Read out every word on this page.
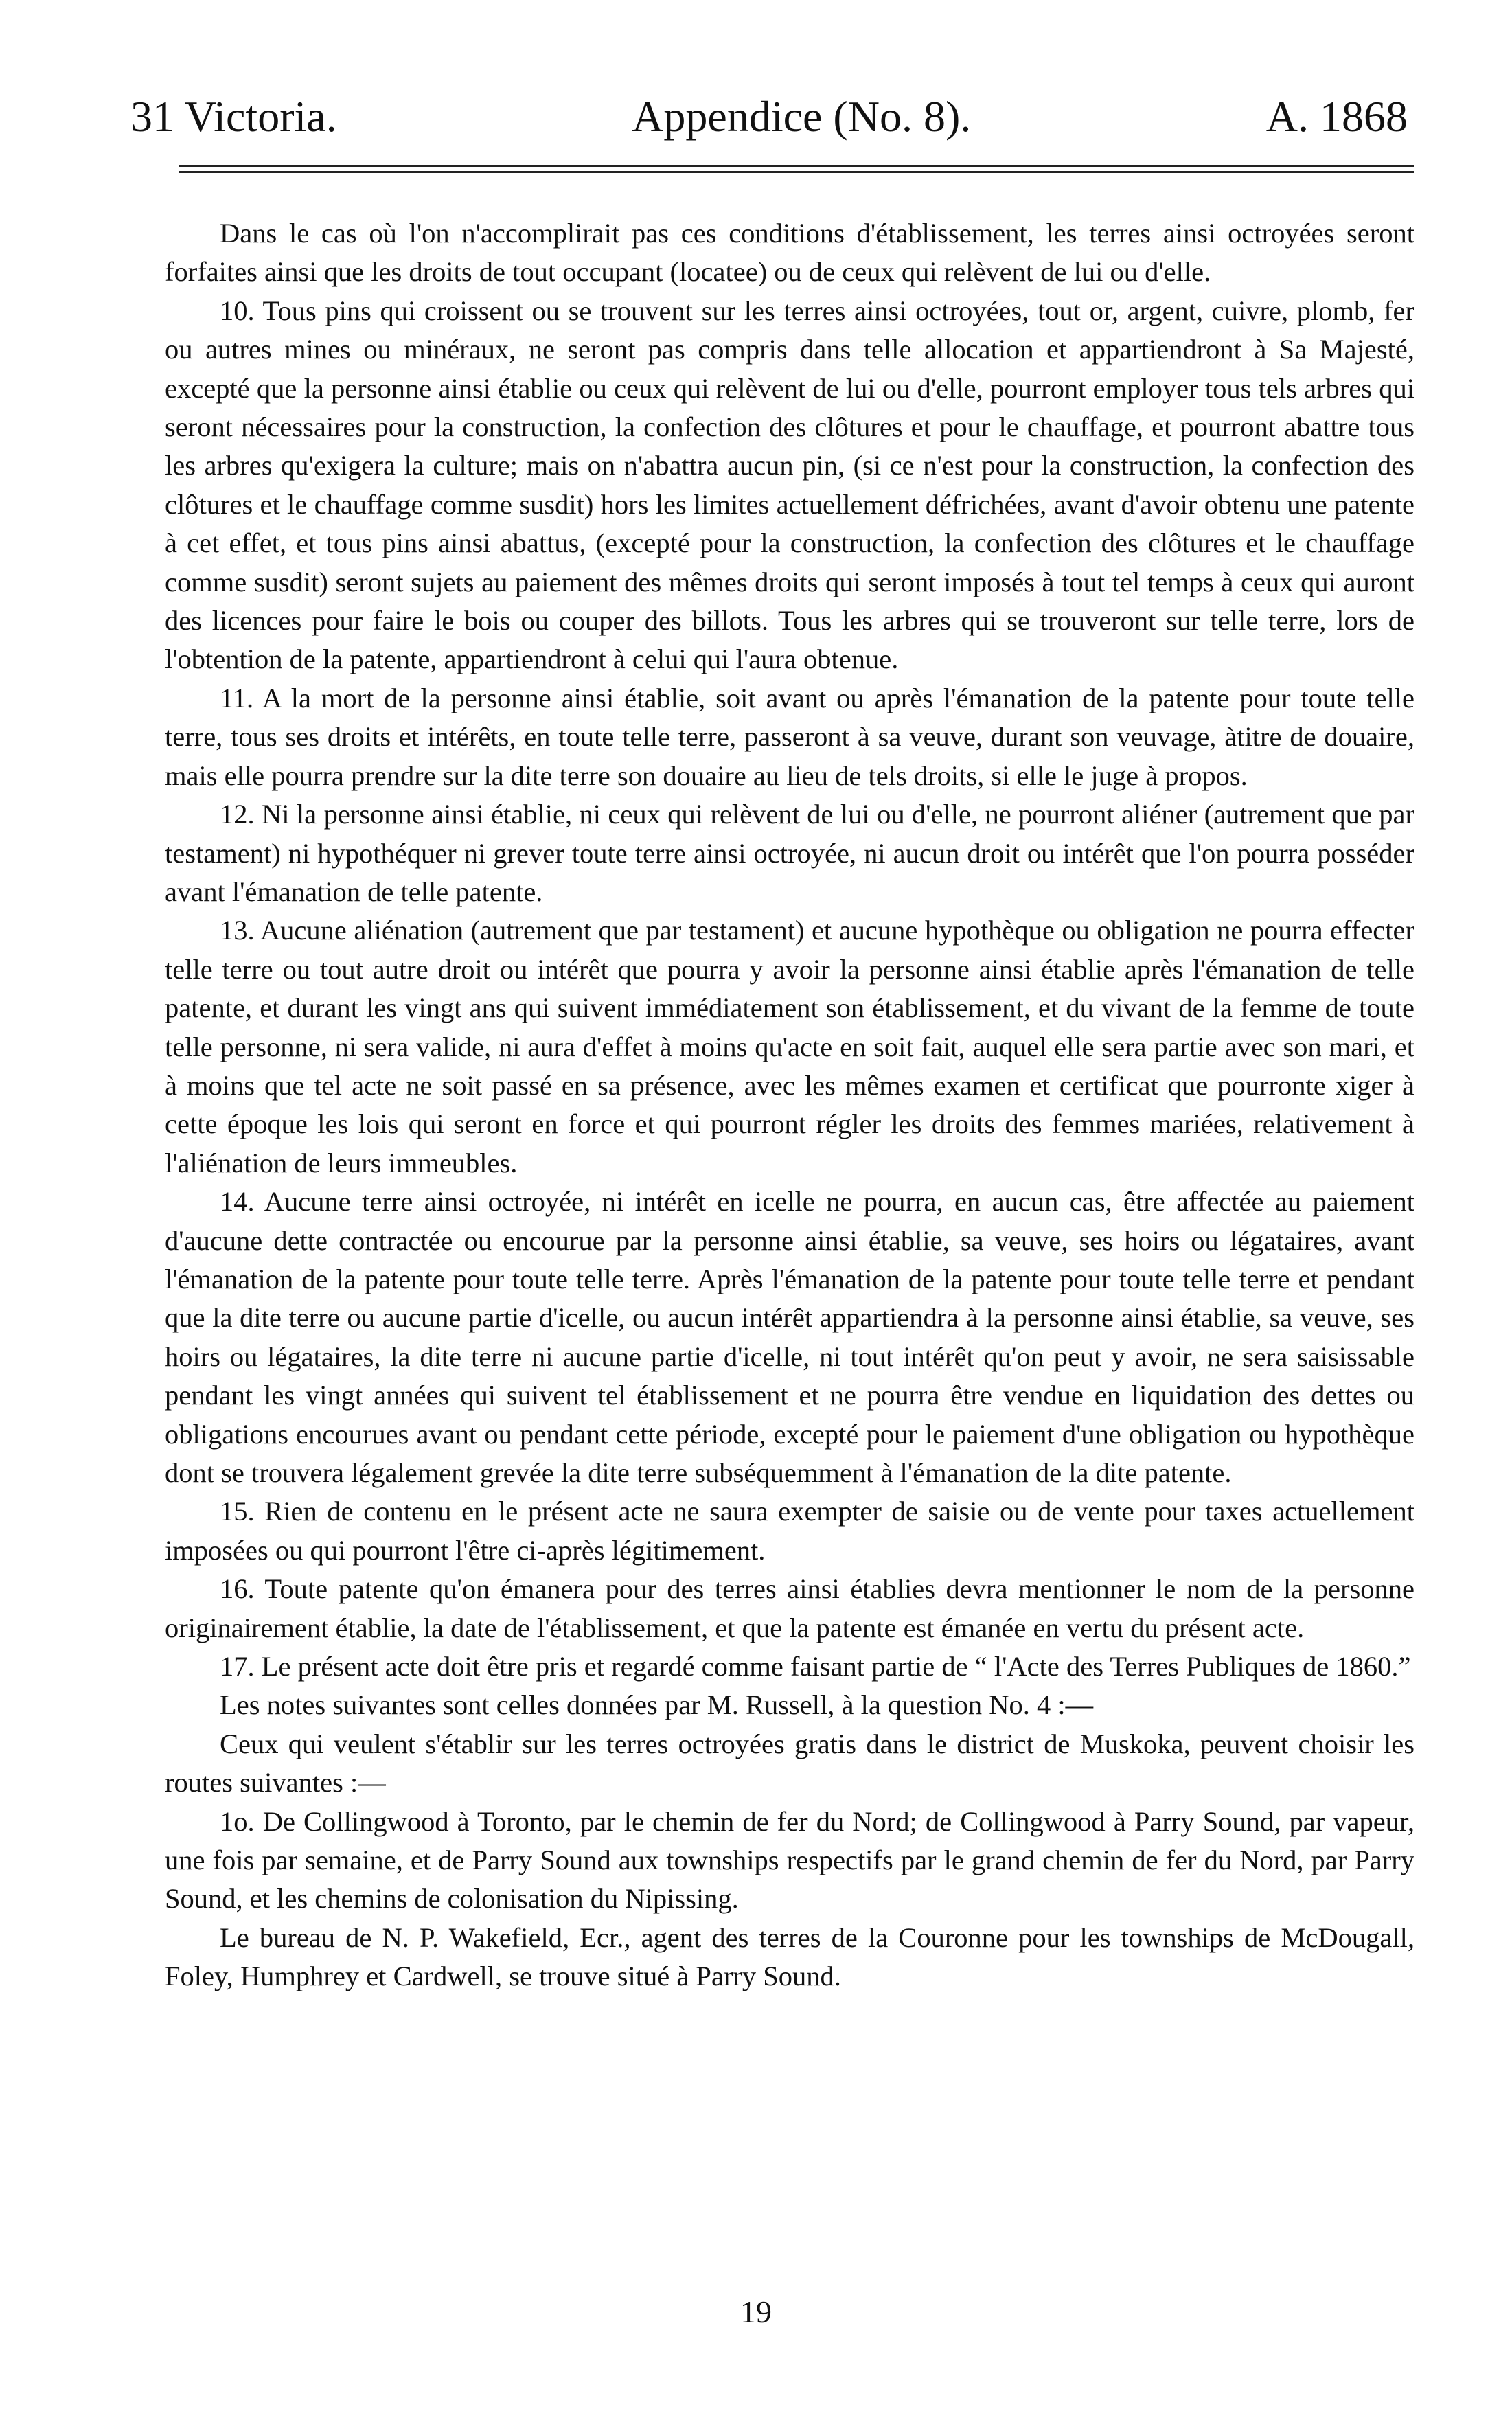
31 Victoria.	Appendice (No. 8).	A. 1868

Dans le cas où l'on n'accomplirait pas ces conditions d'établissement, les terres ainsi octroyées seront forfaites ainsi que les droits de tout occupant (locatee) ou de ceux qui relèvent de lui ou d'elle.

10. Tous pins qui croissent ou se trouvent sur les terres ainsi octroyées, tout or, argent, cuivre, plomb, fer ou autres mines ou minéraux, ne seront pas compris dans telle allocation et appartiendront à Sa Majesté, excepté que la personne ainsi établie ou ceux qui relèvent de lui ou d'elle, pourront employer tous tels arbres qui seront nécessaires pour la construction, la confection des clôtures et pour le chauffage, et pourront abattre tous les arbres qu'exigera la culture; mais on n'abattra aucun pin, (si ce n'est pour la construction, la confection des clôtures et le chauffage comme susdit) hors les limites actuellement défrichées, avant d'avoir obtenu une patente à cet effet, et tous pins ainsi abattus, (excepté pour la construction, la confection des clôtures et le chauffage comme susdit) seront sujets au paiement des mêmes droits qui seront imposés à tout tel temps à ceux qui auront des licences pour faire le bois ou couper des billots. Tous les arbres qui se trouveront sur telle terre, lors de l'obtention de la patente, appartiendront à celui qui l'aura obtenue.

11. A la mort de la personne ainsi établie, soit avant ou après l'émanation de la patente pour toute telle terre, tous ses droits et intérêts, en toute telle terre, passeront à sa veuve, durant son veuvage, àtitre de douaire, mais elle pourra prendre sur la dite terre son douaire au lieu de tels droits, si elle le juge à propos.

12. Ni la personne ainsi établie, ni ceux qui relèvent de lui ou d'elle, ne pourront aliéner (autrement que par testament) ni hypothéquer ni grever toute terre ainsi octroyée, ni aucun droit ou intérêt que l'on pourra posséder avant l'émanation de telle patente.

13. Aucune aliénation (autrement que par testament) et aucune hypothèque ou obligation ne pourra effecter telle terre ou tout autre droit ou intérêt que pourra y avoir la personne ainsi établie après l'émanation de telle patente, et durant les vingt ans qui suivent immédiatement son établissement, et du vivant de la femme de toute telle personne, ni sera valide, ni aura d'effet à moins qu'acte en soit fait, auquel elle sera partie avec son mari, et à moins que tel acte ne soit passé en sa présence, avec les mêmes examen et certificat que pourronte xiger à cette époque les lois qui seront en force et qui pourront régler les droits des femmes mariées, relativement à l'aliénation de leurs immeubles.

14. Aucune terre ainsi octroyée, ni intérêt en icelle ne pourra, en aucun cas, être affectée au paiement d'aucune dette contractée ou encourue par la personne ainsi établie, sa veuve, ses hoirs ou légataires, avant l'émanation de la patente pour toute telle terre. Après l'émanation de la patente pour toute telle terre et pendant que la dite terre ou aucune partie d'icelle, ou aucun intérêt appartiendra à la personne ainsi établie, sa veuve, ses hoirs ou légataires, la dite terre ni aucune partie d'icelle, ni tout intérêt qu'on peut y avoir, ne sera saisissable pendant les vingt années qui suivent tel établissement et ne pourra être vendue en liquidation des dettes ou obligations encourues avant ou pendant cette période, excepté pour le paiement d'une obligation ou hypothèque dont se trouvera légalement grevée la dite terre subséquemment à l'émanation de la dite patente.

15. Rien de contenu en le présent acte ne saura exempter de saisie ou de vente pour taxes actuellement imposées ou qui pourront l'être ci-après légitimement.

16. Toute patente qu'on émanera pour des terres ainsi établies devra mentionner le nom de la personne originairement établie, la date de l'établissement, et que la patente est émanée en vertu du présent acte.

17. Le présent acte doit être pris et regardé comme faisant partie de “ l'Acte des Terres Publiques de 1860.”

Les notes suivantes sont celles données par M. Russell, à la question No. 4 :—

Ceux qui veulent s'établir sur les terres octroyées gratis dans le district de Muskoka, peuvent choisir les routes suivantes :—

1o. De Collingwood à Toronto, par le chemin de fer du Nord; de Collingwood à Parry Sound, par vapeur, une fois par semaine, et de Parry Sound aux townships respectifs par le grand chemin de fer du Nord, par Parry Sound, et les chemins de colonisation du Nipissing.

Le bureau de N. P. Wakefield, Ecr., agent des terres de la Couronne pour les townships de McDougall, Foley, Humphrey et Cardwell, se trouve situé à Parry Sound.

19
